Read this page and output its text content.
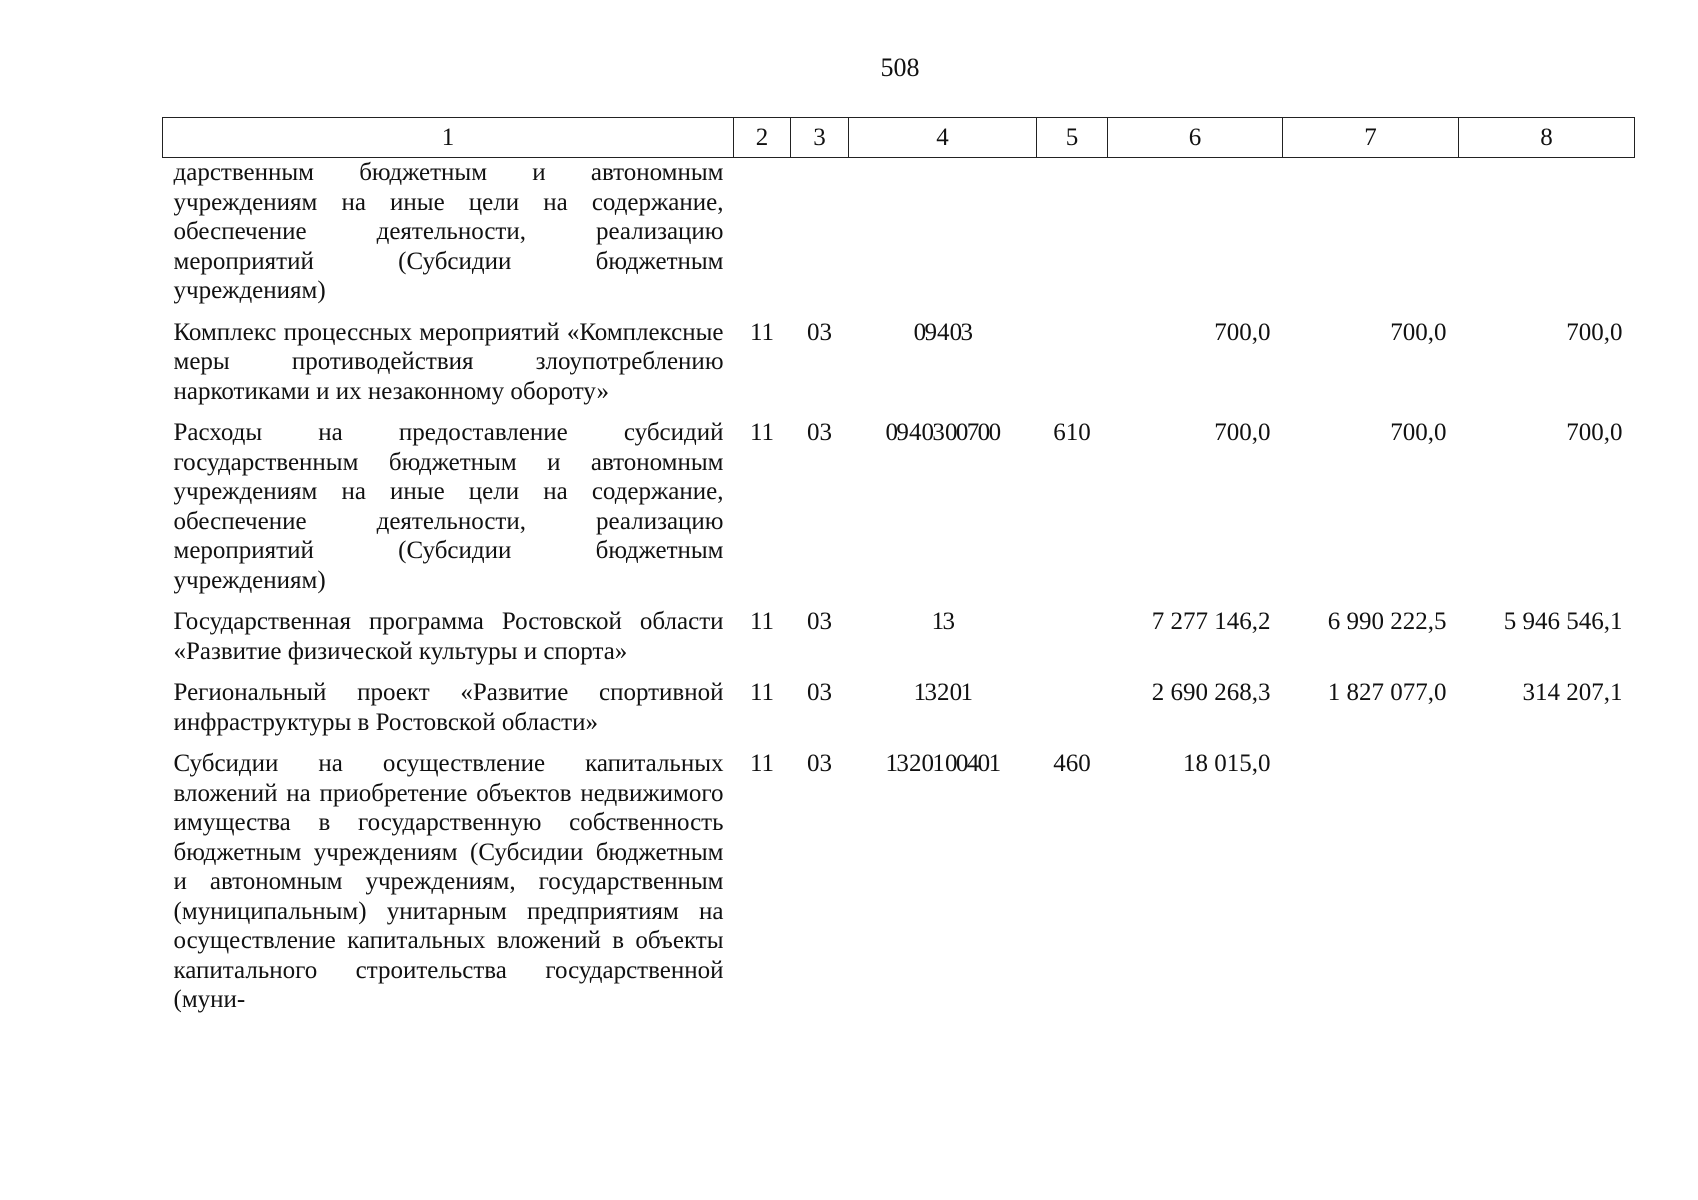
508
1	2	3	4	5	6	7	8
дарственным бюджетным и автономным учреждениям на иные цели на содержание, обеспечение деятельности, реализацию мероприятий (Субсидии бюджетным учреждениям)							
Комплекс процессных мероприятий «Комплексные меры противодействия злоупотреблению наркотиками и их незаконному обороту»	11	03	09 4 03		700,0	700,0	700,0
Расходы на предоставление субсидий государственным бюджетным и автономным учреждениям на иные цели на содержание, обеспечение деятельности, реализацию мероприятий (Субсидии бюджетным учреждениям)	11	03	09 4 03 00700	610	700,0	700,0	700,0
Государственная программа Ростовской области «Развитие физической культуры и спорта»	11	03	13		7 277 146,2	6 990 222,5	5 946 546,1
Региональный проект «Развитие спортивной инфраструктуры в Ростовской области»	11	03	13 2 01		2 690 268,3	1 827 077,0	314 207,1
Субсидии на осуществление капитальных вложений на приобретение объектов недвижимого имущества в государственную собственность бюджетным учреждениям (Субсидии бюджетным и автономным учреждениям, государственным (муниципальным) унитарным предприятиям на осуществление капитальных вложений в объекты капитального строительства государственной (муни-	11	03	13 2 01 00401	460	18 015,0		
